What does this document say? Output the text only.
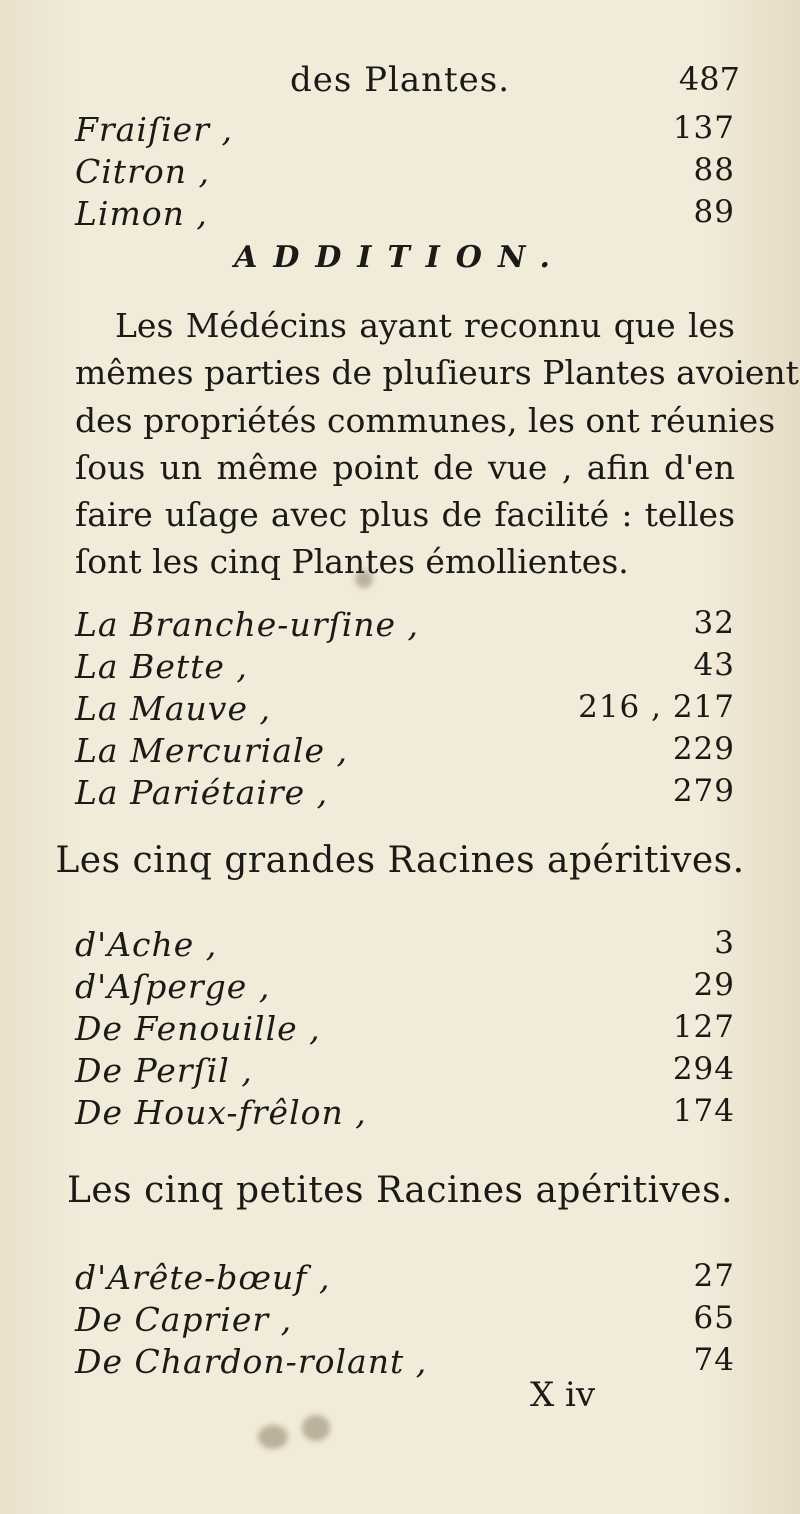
des Plantes.	487
Fraiſier ,	137
Citron ,	88
Limon ,	89
ADDITION.
Les Médécins ayant reconnu que les
mêmes parties de pluſieurs Plantes avoient
des propriétés communes, les ont réunies
ſous un même point de vue , afin d'en
faire uſage avec plus de facilité : telles
ſont les cinq Plantes émollientes.
La Branche-urſine ,	32
La Bette ,	43
La Mauve ,	216 , 217
La Mercuriale ,	229
La Pariétaire ,	279
Les cinq grandes Racines apéritives.
d'Ache ,	3
d'Aſperge ,	29
De Fenouille ,	127
De Perſil ,	294
De Houx-frêlon ,	174
Les cinq petites Racines apéritives.
d'Arête-bœuf ,	27
De Caprier ,	65
De Chardon-rolant ,	74
X iv
